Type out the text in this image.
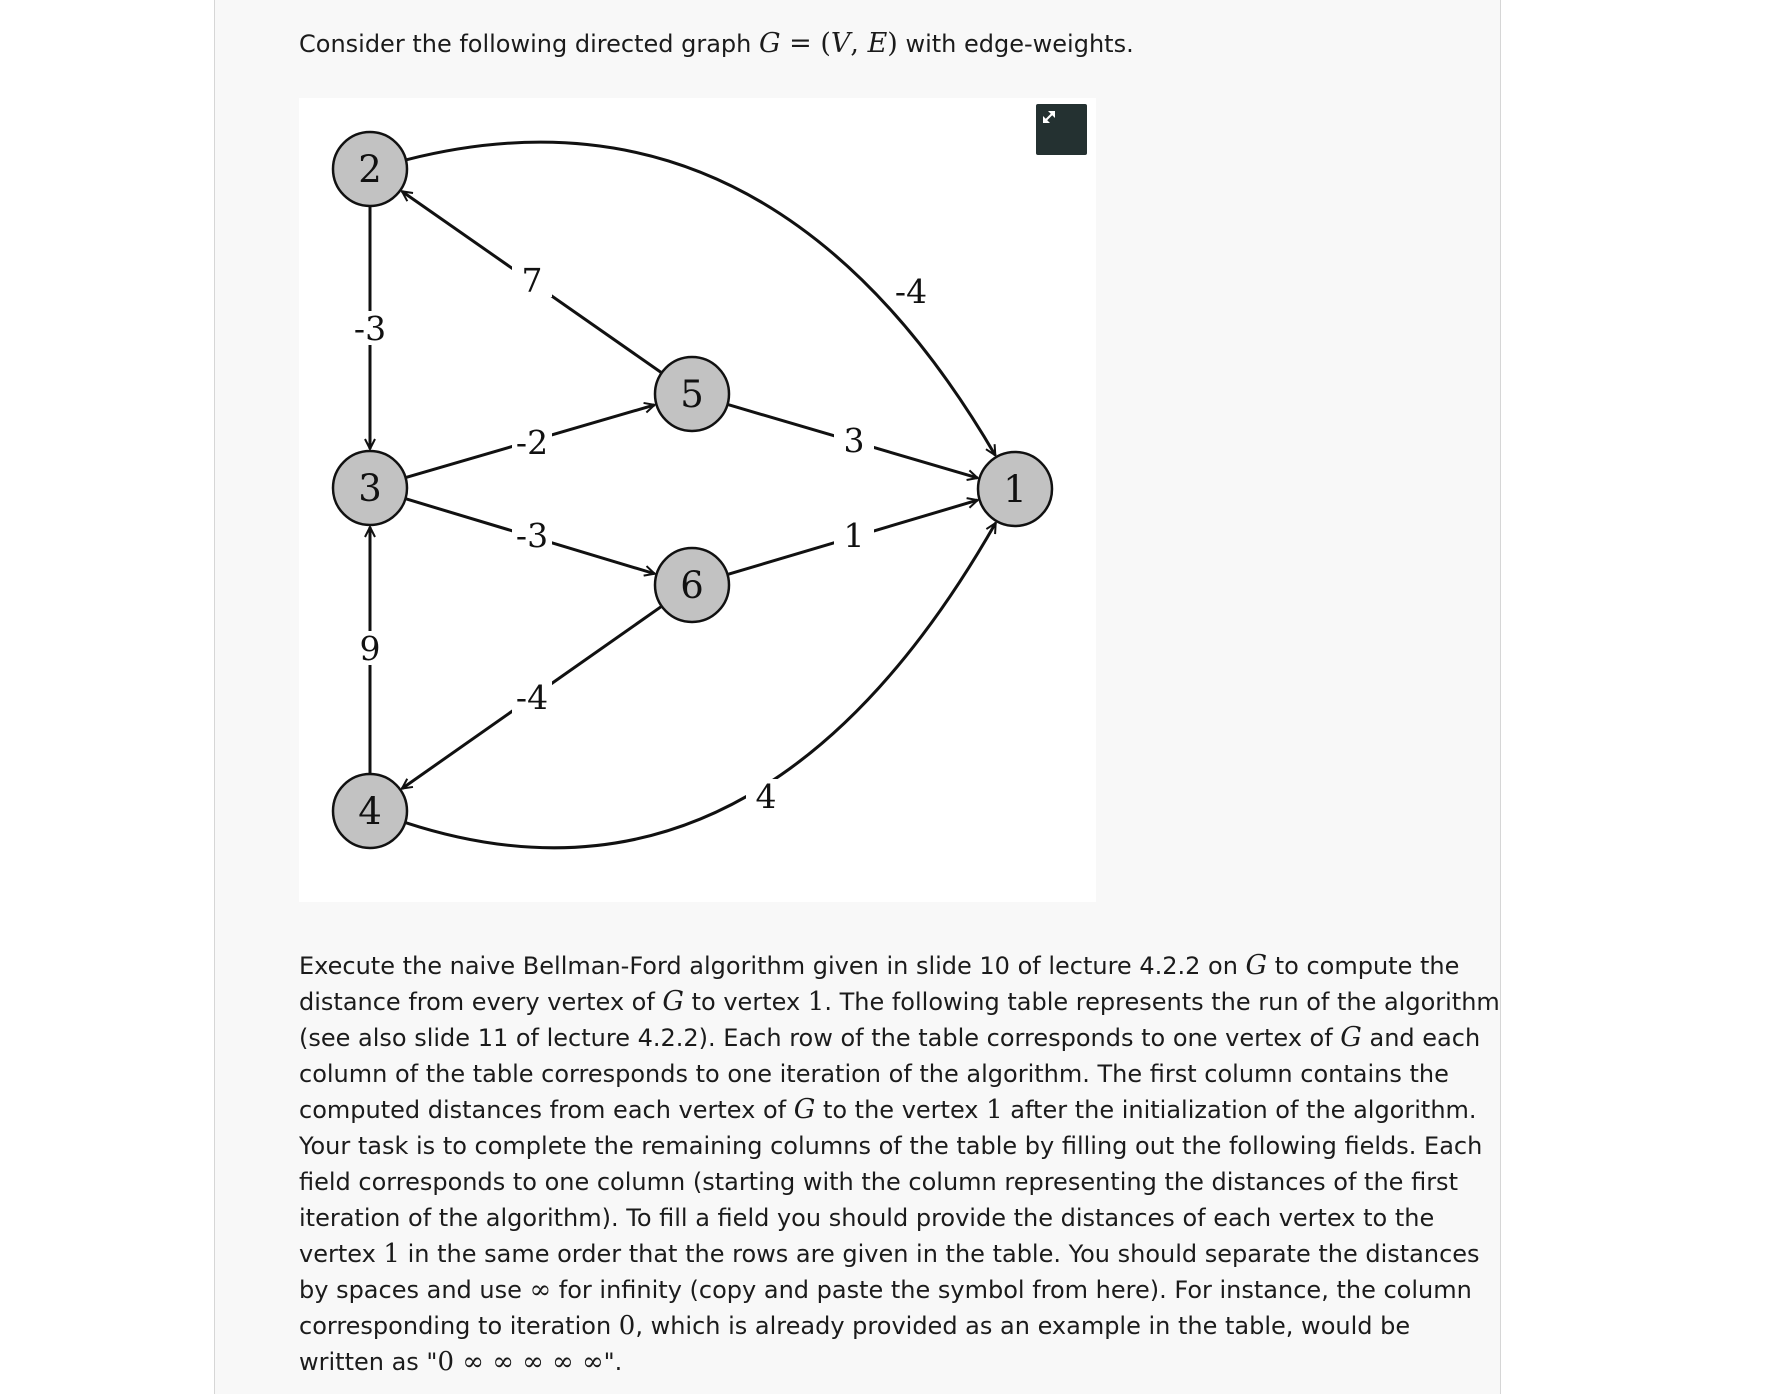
Consider the following directed graph G = (V, E) with edge-weights.
-3
7	-4
-2
-3
3
1
9
-4
4
2
3
4
5
6
1

Execute the naive Bellman-Ford algorithm given in slide 10 of lecture 4.2.2 on G to compute the

distance from every vertex of G to vertex 1. The following table represents the run of the algorithm

(see also slide 11 of lecture 4.2.2). Each row of the table corresponds to one vertex of G and each

column of the table corresponds to one iteration of the algorithm. The first column contains the

computed distances from each vertex of G to the vertex 1 after the initialization of the algorithm.

Your task is to complete the remaining columns of the table by filling out the following fields. Each

field corresponds to one column (starting with the column representing the distances of the first

iteration of the algorithm). To fill a field you should provide the distances of each vertex to the

vertex 1 in the same order that the rows are given in the table. You should separate the distances

by spaces and use ∞ for infinity (copy and paste the symbol from here). For instance, the column

corresponding to iteration 0, which is already provided as an example in the table, would be

written as "0 ∞ ∞ ∞ ∞ ∞".
